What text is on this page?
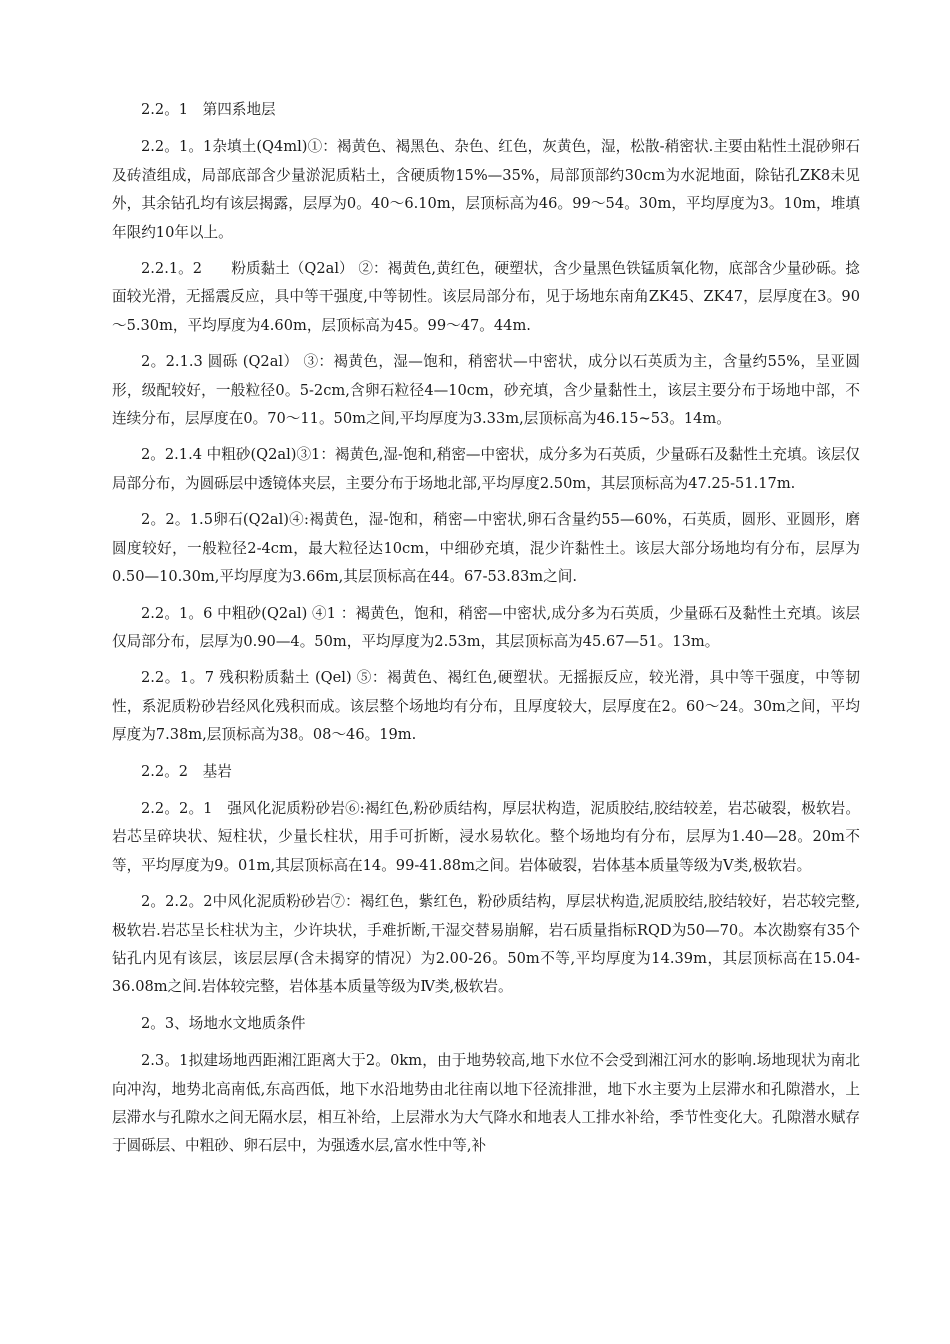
2.2。1　第四系地层

2.2。1。1杂填土(Q4ml)①：褐黄色、褐黑色、杂色、红色，灰黄色，湿，松散-稍密状.主要由粘性土混砂卵石及砖渣组成，局部底部含少量淤泥质粘土，含硬质物15%—35%，局部顶部约30cm为水泥地面，除钻孔ZK8未见外，其余钻孔均有该层揭露，层厚为0。40～6.10m，层顶标高为46。99～54。30m，平均厚度为3。10m，堆填年限约10年以上。

2.2.1。2　　粉质黏土（Q2al） ②：褐黄色,黄红色，硬塑状，含少量黑色铁锰质氧化物，底部含少量砂砾。捻面较光滑，无摇震反应，具中等干强度,中等韧性。该层局部分布，见于场地东南角ZK45、ZK47，层厚度在3。90～5.30m，平均厚度为4.60m，层顶标高为45。99～47。44m.

2。2.1.3 圆砾 (Q2al） ③：褐黄色，湿—饱和，稍密状—中密状，成分以石英质为主，含量约55%，呈亚圆形，级配较好，一般粒径0。5-2cm,含卵石粒径4—10cm，砂充填，含少量黏性土，该层主要分布于场地中部，不连续分布，层厚度在0。70～11。50m之间,平均厚度为3.33m,层顶标高为46.15~53。14m。

2。2.1.4 中粗砂(Q2al)③1：褐黄色,湿-饱和,稍密—中密状，成分多为石英质，少量砾石及黏性土充填。该层仅局部分布，为圆砾层中透镜体夹层，主要分布于场地北部,平均厚度2.50m，其层顶标高为47.25-51.17m.

2。2。1.5卵石(Q2al)④:褐黄色，湿-饱和，稍密—中密状,卵石含量约55—60%，石英质，圆形、亚圆形，磨圆度较好，一般粒径2-4cm，最大粒径达10cm，中细砂充填，混少许黏性土。该层大部分场地均有分布，层厚为0.50—10.30m,平均厚度为3.66m,其层顶标高在44。67-53.83m之间.

2.2。1。6 中粗砂(Q2al) ④1 ：褐黄色，饱和，稍密—中密状,成分多为石英质，少量砾石及黏性土充填。该层仅局部分布，层厚为0.90—4。50m，平均厚度为2.53m，其层顶标高为45.67—51。13m。

2.2。1。7 残积粉质黏土 (Qel) ⑤：褐黄色、褐红色,硬塑状。无摇振反应，较光滑，具中等干强度，中等韧性，系泥质粉砂岩经风化残积而成。该层整个场地均有分布，且厚度较大，层厚度在2。60～24。30m之间，平均厚度为7.38m,层顶标高为38。08～46。19m.

2.2。2　基岩

2.2。2。1　强风化泥质粉砂岩⑥:褐红色,粉砂质结构，厚层状构造，泥质胶结,胶结较差，岩芯破裂，极软岩。岩芯呈碎块状、短柱状，少量长柱状，用手可折断，浸水易软化。整个场地均有分布，层厚为1.40—28。20m不等，平均厚度为9。01m,其层顶标高在14。99-41.88m之间。岩体破裂，岩体基本质量等级为Ⅴ类,极软岩。

2。2.2。2中风化泥质粉砂岩⑦：褐红色，紫红色，粉砂质结构，厚层状构造,泥质胶结,胶结较好，岩芯较完整,极软岩.岩芯呈长柱状为主，少许块状，手难折断,干湿交替易崩解，岩石质量指标RQD为50—70。本次勘察有35个钻孔内见有该层，该层层厚(含未揭穿的情况）为2.00-26。50m不等,平均厚度为14.39m，其层顶标高在15.04-36.08m之间.岩体较完整，岩体基本质量等级为Ⅳ类,极软岩。

2。3、场地水文地质条件

2.3。1拟建场地西距湘江距离大于2。0km，由于地势较高,地下水位不会受到湘江河水的影响.场地现状为南北向冲沟，地势北高南低,东高西低，地下水沿地势由北往南以地下径流排泄，地下水主要为上层滞水和孔隙潜水，上层滞水与孔隙水之间无隔水层，相互补给，上层滞水为大气降水和地表人工排水补给，季节性变化大。孔隙潜水赋存于圆砾层、中粗砂、卵石层中，为强透水层,富水性中等,补
